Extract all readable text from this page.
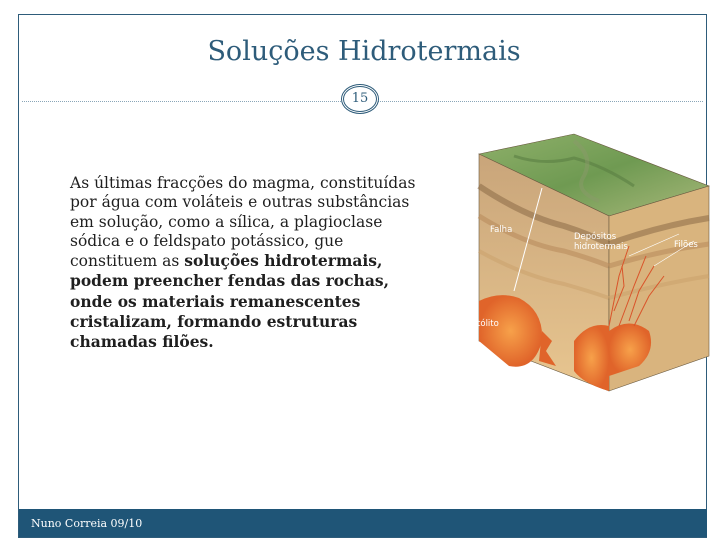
Soluções Hidrotermais
15
As últimas fracções do magma, constituídas por água com voláteis e outras substâncias em solução, como a sílica, a plagioclase sódica e o feldspato potássico, gue constituem as soluções hidrotermais, podem preencher fendas das rochas, onde os materiais remanescentes cristalizam, formando estruturas chamadas filões.
Falha
Depósitos
hidrotermais	Filões
Batólito
Nuno Correia 09/10
